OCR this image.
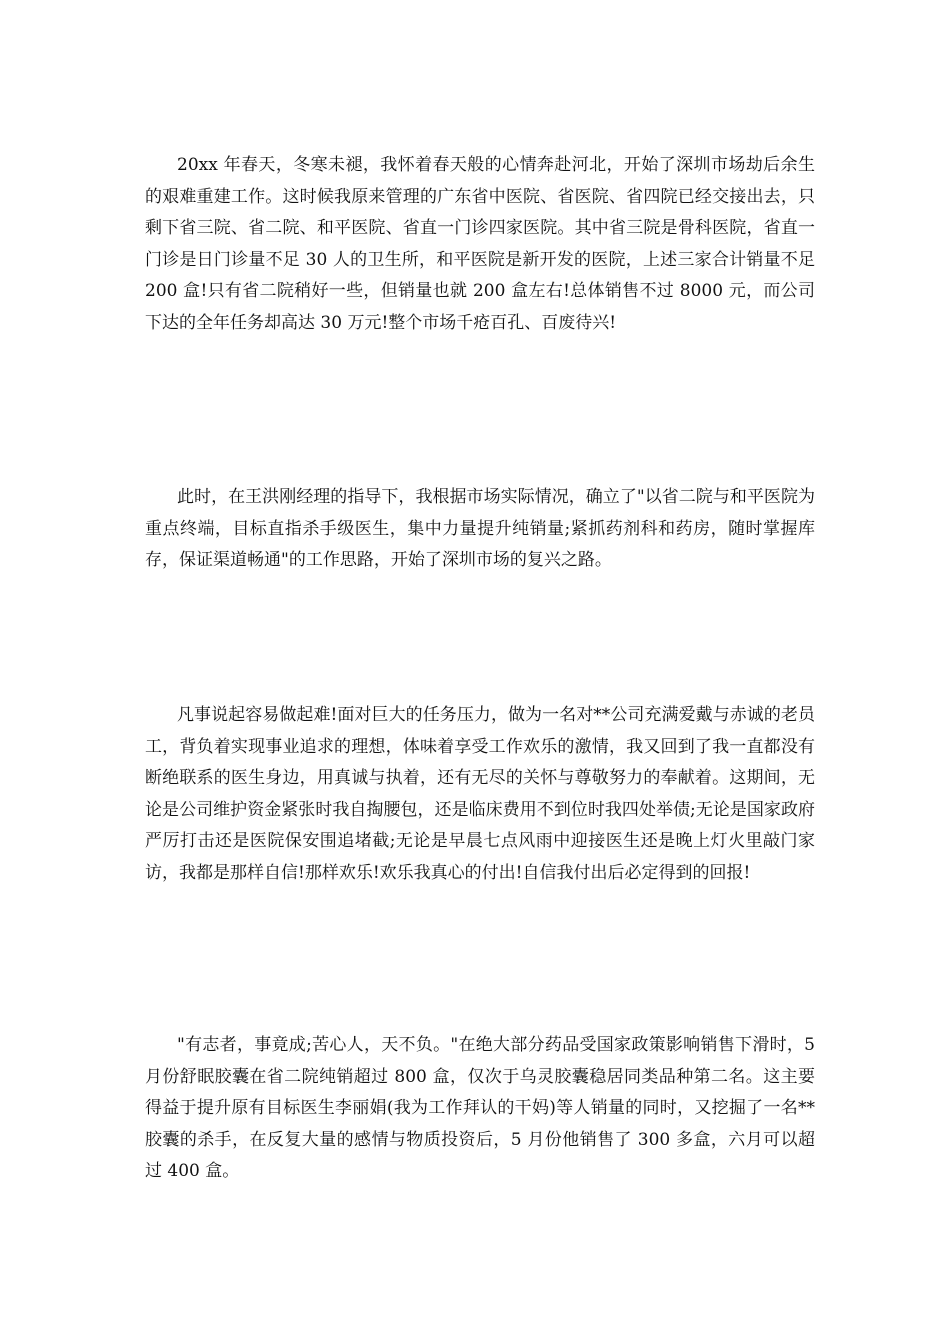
20xx 年春天，冬寒未褪，我怀着春天般的心情奔赴河北，开始了深圳市场劫后余生的艰难重建工作。这时候我原来管理的广东省中医院、省医院、省四院已经交接出去，只剩下省三院、省二院、和平医院、省直一门诊四家医院。其中省三院是骨科医院，省直一门诊是日门诊量不足 30 人的卫生所，和平医院是新开发的医院，上述三家合计销量不足 200 盒!只有省二院稍好一些，但销量也就 200 盒左右!总体销售不过 8000 元，而公司下达的全年任务却高达 30 万元!整个市场千疮百孔、百废待兴!

此时，在王洪刚经理的指导下，我根据市场实际情况，确立了"以省二院与和平医院为重点终端，目标直指杀手级医生，集中力量提升纯销量;紧抓药剂科和药房，随时掌握库存，保证渠道畅通"的工作思路，开始了深圳市场的复兴之路。

凡事说起容易做起难!面对巨大的任务压力，做为一名对**公司充满爱戴与赤诚的老员工，背负着实现事业追求的理想，体味着享受工作欢乐的激情，我又回到了我一直都没有断绝联系的医生身边，用真诚与执着，还有无尽的关怀与尊敬努力的奉献着。这期间，无论是公司维护资金紧张时我自掏腰包，还是临床费用不到位时我四处举债;无论是国家政府严厉打击还是医院保安围追堵截;无论是早晨七点风雨中迎接医生还是晚上灯火里敲门家访，我都是那样自信!那样欢乐!欢乐我真心的付出!自信我付出后必定得到的回报!

"有志者，事竟成;苦心人，天不负。"在绝大部分药品受国家政策影响销售下滑时，5 月份舒眠胶囊在省二院纯销超过 800 盒，仅次于乌灵胶囊稳居同类品种第二名。这主要得益于提升原有目标医生李丽娟(我为工作拜认的干妈)等人销量的同时，又挖掘了一名**胶囊的杀手，在反复大量的感情与物质投资后，5 月份他销售了 300 多盒，六月可以超过 400 盒。
